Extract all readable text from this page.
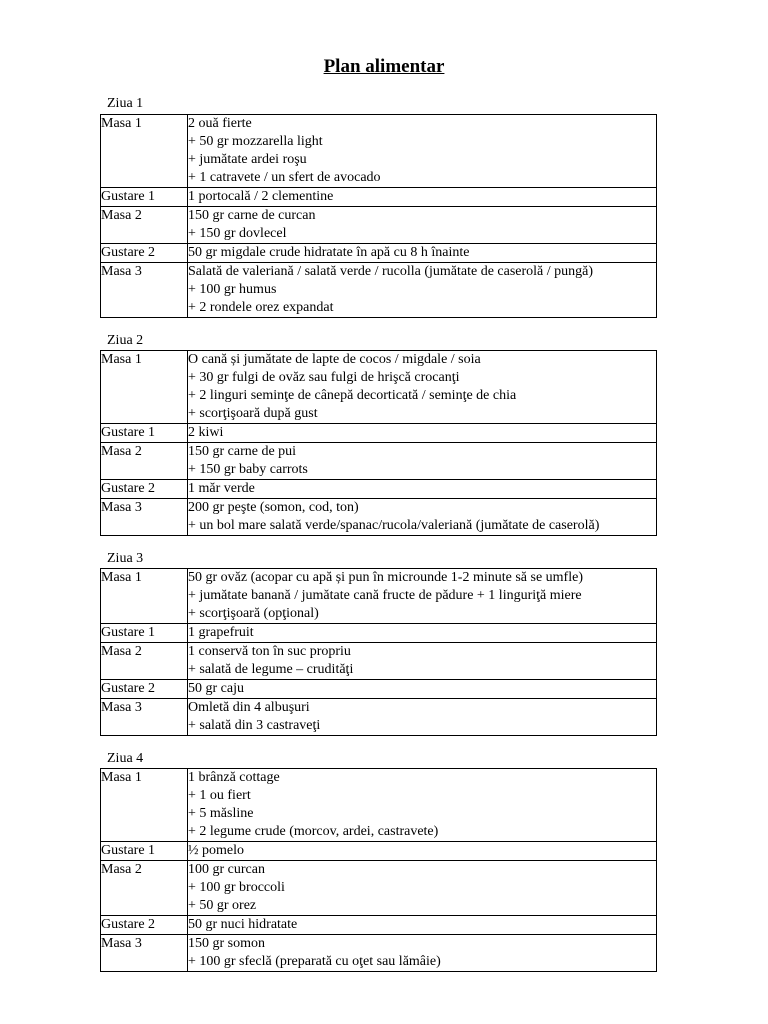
Plan alimentar
Ziua 1
Masa 1	2 ouă fierte
+ 50 gr mozzarella light
+ jumătate ardei roşu
+ 1 catravete / un sfert de avocado

Gustare 1	1 portocală / 2 clementine

Masa 2	150 gr carne de curcan
+ 150 gr dovlecel

Gustare 2	50 gr migdale crude hidratate în apă cu 8 h înainte

Masa 3	Salată de valeriană / salată verde / rucolla (jumătate de caserolă / pungă)
+ 100 gr humus
+ 2 rondele orez expandat
Ziua 2
Masa 1	O cană și jumătate de lapte de cocos / migdale / soia
+ 30 gr fulgi de ovăz sau fulgi de hrişcă crocanţi
+ 2 linguri seminţe de cânepă decorticată / seminţe de chia
+ scorţişoară după gust

Gustare 1	2 kiwi

Masa 2	150 gr carne de pui
+ 150 gr baby carrots

Gustare 2	1 măr verde

Masa 3	200 gr peşte (somon, cod, ton)
+ un bol mare salată verde/spanac/rucola/valeriană (jumătate de caserolă)
Ziua 3
Masa 1	50 gr ovăz (acopar cu apă și pun în microunde 1-2 minute să se umfle)
+ jumătate banană / jumătate cană fructe de pădure + 1 linguriţă miere
+ scorţişoară (opţional)

Gustare 1	1 grapefruit

Masa 2	1 conservă ton în suc propriu
+ salată de legume – crudităţi

Gustare 2	50 gr caju

Masa 3	Omletă din 4 albuşuri
+ salată din 3 castraveţi
Ziua 4
Masa 1	1 brânză cottage
+ 1 ou fiert
+ 5 măsline
+ 2 legume crude (morcov, ardei, castravete)

Gustare 1	½ pomelo

Masa 2	100 gr curcan
+ 100 gr broccoli
+ 50 gr orez

Gustare 2	50 gr nuci hidratate

Masa 3	150 gr somon
+ 100 gr sfeclă (preparată cu oţet sau lămâie)
